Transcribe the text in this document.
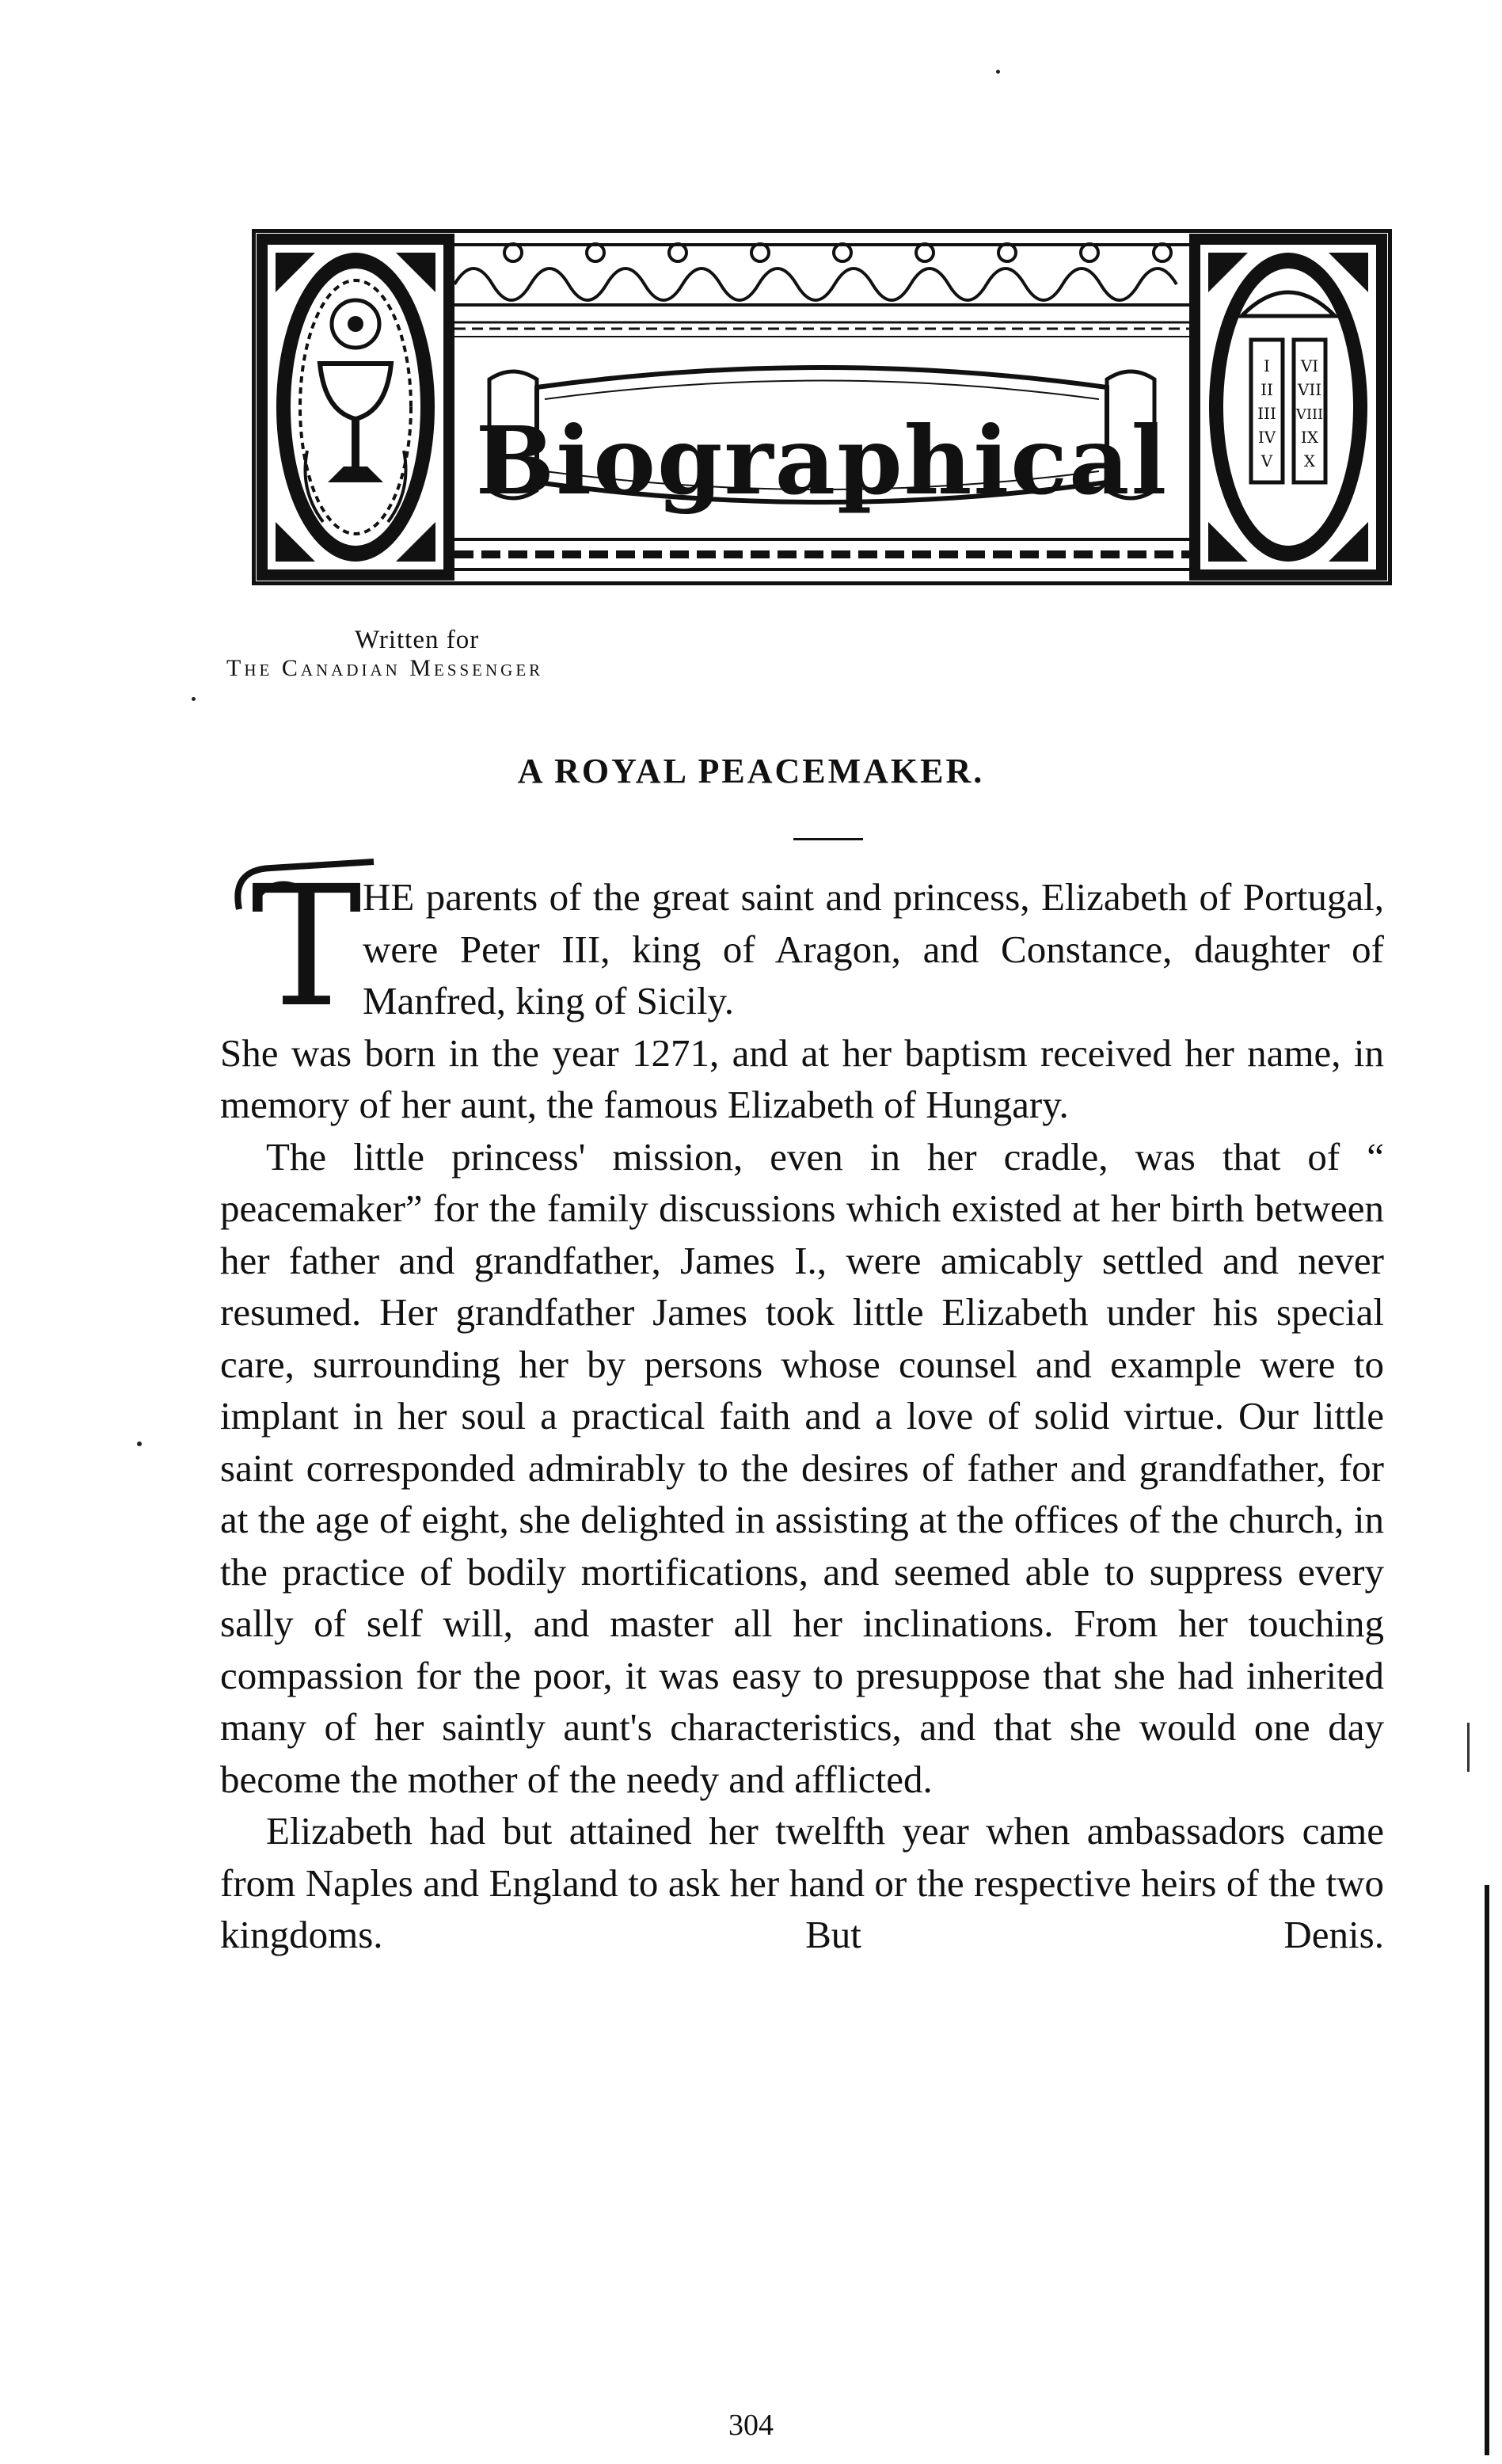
I
II
III
IV
V
VI
VII
VIII
IX
X
Biographical
Written for
The Canadian Messenger
A ROYAL PEACEMAKER.
T HE parents of the great saint and princess, Elizabeth of Portugal, were Peter III, king of Aragon, and Constance, daughter of Manfred, king of Sicily.

She was born in the year 1271, and at her baptism received her name, in memory of her aunt, the famous Elizabeth of Hungary.

The little princess' mission, even in her cradle, was that of “ peacemaker” for the family discussions which existed at her birth between her father and grandfather, James I., were amicably settled and never resumed. Her grandfather James took little Elizabeth under his special care, surrounding her by persons whose counsel and example were to implant in her soul a practical faith and a love of solid virtue. Our little saint corresponded admirably to the desires of father and grandfather, for at the age of eight, she delighted in assisting at the offices of the church, in the practice of bodily mortifications, and seemed able to suppress every sally of self will, and master all her inclinations. From her touching compassion for the poor, it was easy to presuppose that she had inherited many of her saintly aunt's characteristics, and that she would one day become the mother of the needy and afflicted.

Elizabeth had but attained her twelfth year when ambassadors came from Naples and England to ask her hand or the respective heirs of the two kingdoms. But Denis.

304
